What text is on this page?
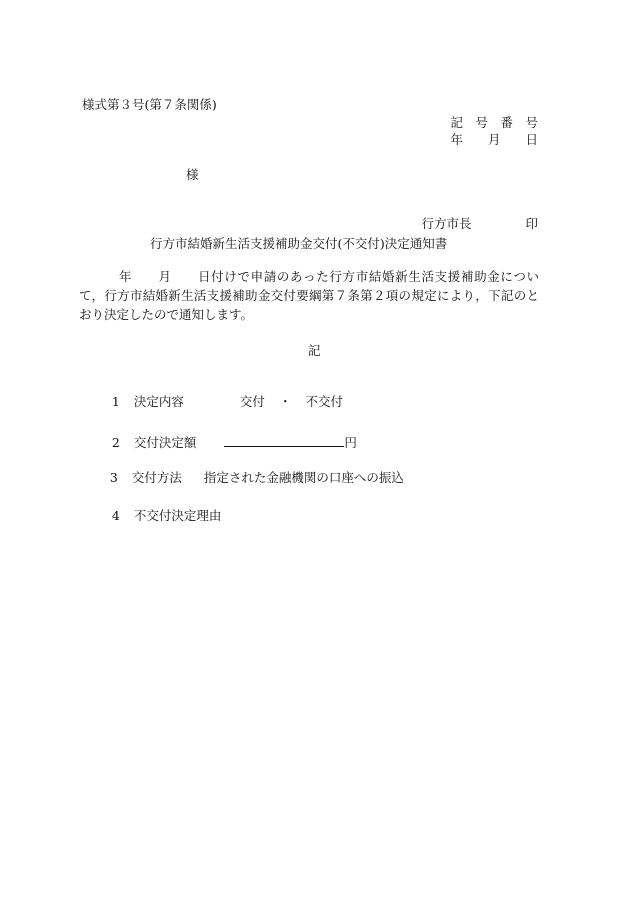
様式第３号(第７条関係)
記　号　番　号
年　　月　　日
様

行方市長	印

行方市結婚新生活支援補助金交付(不交付)決定通知書
年　　月　　日付けで申請のあった行方市結婚新生活支援補助金について，行方市結婚新生活支援補助金交付要綱第７条第２項の規定により，下記のとおり決定したので通知します。
記

1 決定内容	交付 ・ 不交付

2 交付決定額	円

3 交付方法 指定された金融機関の口座への振込

4 不交付決定理由
